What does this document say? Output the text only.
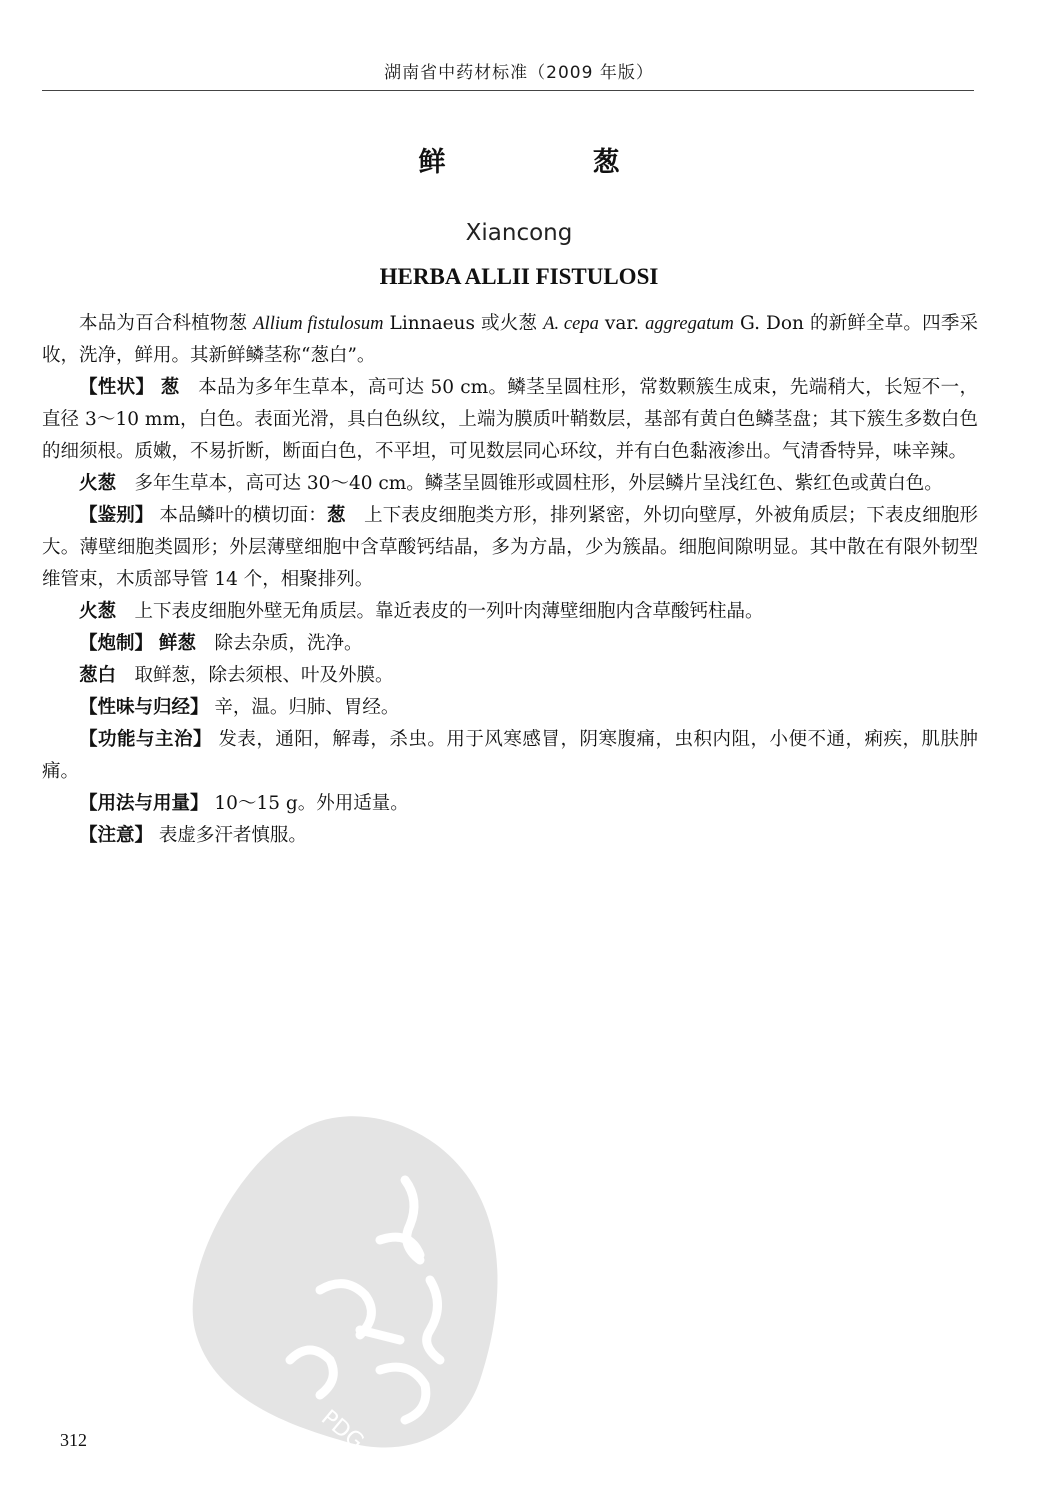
湖南省中药材标准（2009 年版）
鲜　葱
Xiancong
HERBA ALLII FISTULOSI

本品为百合科植物葱 Allium fistulosum Linnaeus 或火葱 A. cepa var. aggregatum G. Don 的新鲜全草。四季采收，洗净，鲜用。其新鲜鳞茎称“葱白”。

【性状】 葱　 本品为多年生草本，高可达 50 cm。鳞茎呈圆柱形，常数颗簇生成束，先端稍大，长短不一，直径 3～10 mm，白色。表面光滑，具白色纵纹，上端为膜质叶鞘数层，基部有黄白色鳞茎盘；其下簇生多数白色的细须根。质嫩，不易折断，断面白色，不平坦，可见数层同心环纹，并有白色黏液渗出。气清香特异，味辛辣。

火葱　 多年生草本，高可达 30～40 cm。鳞茎呈圆锥形或圆柱形，外层鳞片呈浅红色、紫红色或黄白色。

【鉴别】 本品鳞叶的横切面：葱　 上下表皮细胞类方形，排列紧密，外切向壁厚，外被角质层；下表皮细胞形大。薄壁细胞类圆形；外层薄壁细胞中含草酸钙结晶，多为方晶，少为簇晶。细胞间隙明显。其中散在有限外韧型维管束，木质部导管 14 个，相聚排列。

火葱　 上下表皮细胞外壁无角质层。靠近表皮的一列叶肉薄壁细胞内含草酸钙柱晶。

【炮制】 鲜葱　 除去杂质，洗净。

葱白　 取鲜葱，除去须根、叶及外膜。

【性味与归经】 辛，温。归肺、胃经。

【功能与主治】 发表，通阳，解毒，杀虫。用于风寒感冒，阴寒腹痛，虫积内阻，小便不通，痢疾，肌肤肿痛。

【用法与用量】 10～15 g。外用适量。

【注意】 表虚多汗者慎服。

PDG
312
